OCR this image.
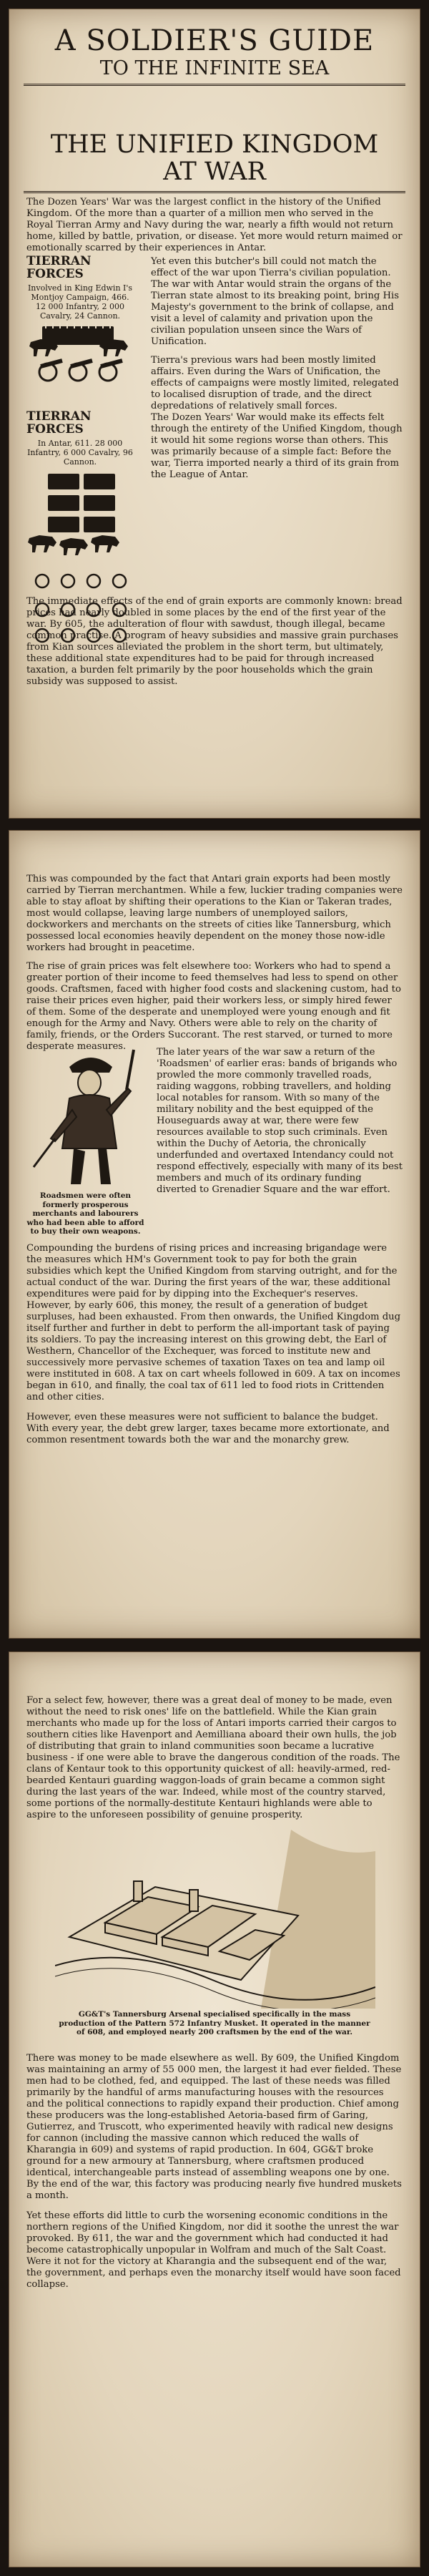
A SOLDIER'S GUIDE
TO THE INFINITE SEA
THE UNIFIED KINGDOM
AT WAR

The Dozen Years' War was the largest conflict in the history of the Unified Kingdom. Of the more than a quarter of a million men who served in the Royal Tierran Army and Navy during the war, nearly a fifth would not return home, killed by battle, privation, or disease. Yet more would return maimed or emotionally scarred by their experiences in Antar.

TIERRAN FORCES

Involved in King Edwin I's Montjoy Campaign, 466. 12 000 Infantry, 2 000 Cavalry, 24 Cannon.

TIERRAN FORCES

In Antar, 611. 28 000 Infantry, 6 000 Cavalry, 96 Cannon.

Yet even this butcher's bill could not match the effect of the war upon Tierra's civilian population. The war with Antar would strain the organs of the Tierran state almost to its breaking point, bring His Majesty's government to the brink of collapse, and visit a level of calamity and privation upon the civilian population unseen since the Wars of Unification.

Tierra's previous wars had been mostly limited affairs. Even during the Wars of Unification, the effects of campaigns were mostly limited, relegated to localised disruption of trade, and the direct depredations of relatively small forces.

The Dozen Years' War would make its effects felt through the entirety of the Unified Kingdom, though it would hit some regions worse than others. This was primarily because of a simple fact: Before the war, Tierra imported nearly a third of its grain from the League of Antar.

The immediate effects of the end of grain exports are commonly known: bread prices had nearly doubled in some places by the end of the first year of the war. By 605, the adulteration of flour with sawdust, though illegal, became common practise. A program of heavy subsidies and massive grain purchases from Kian sources alleviated the problem in the short term, but ultimately, these additional state expenditures had to be paid for through increased taxation, a burden felt primarily by the poor households which the grain subsidy was supposed to assist.

This was compounded by the fact that Antari grain exports had been mostly carried by Tierran merchantmen. While a few, luckier trading companies were able to stay afloat by shifting their operations to the Kian or Takeran trades, most would collapse, leaving large numbers of unemployed sailors, dockworkers and merchants on the streets of cities like Tannersburg, which possessed local economies heavily dependent on the money those now-idle workers had brought in peacetime.

The rise of grain prices was felt elsewhere too: Workers who had to spend a greater portion of their income to feed themselves had less to spend on other goods. Craftsmen, faced with higher food costs and slackening custom, had to raise their prices even higher, paid their workers less, or simply hired fewer of them. Some of the desperate and unemployed were young enough and fit enough for the Army and Navy. Others were able to rely on the charity of family, friends, or the Orders Succorant. The rest starved, or turned to more desperate measures.

Roadsmen were often formerly prosperous merchants and labourers who had been able to afford to buy their own weapons.

The later years of the war saw a return of the 'Roadsmen' of earlier eras: bands of brigands who prowled the more commonly travelled roads, raiding waggons, robbing travellers, and holding local notables for ransom. With so many of the military nobility and the best equipped of the Houseguards away at war, there were few resources available to stop such criminals. Even within the Duchy of Aetoria, the chronically underfunded and overtaxed Intendancy could not respond effectively, especially with many of its best members and much of its ordinary funding diverted to Grenadier Square and the war effort.

Compounding the burdens of rising prices and increasing brigandage were the measures which HM's Government took to pay for both the grain subsidies which kept the Unified Kingdom from starving outright, and for the actual conduct of the war. During the first years of the war, these additional expenditures were paid for by dipping into the Exchequer's reserves. However, by early 606, this money, the result of a generation of budget surpluses, had been exhausted. From then onwards, the Unified Kingdom dug itself further and further in debt to perform the all-important task of paying its soldiers. To pay the increasing interest on this growing debt, the Earl of Westhern, Chancellor of the Exchequer, was forced to institute new and successively more pervasive schemes of taxation Taxes on tea and lamp oil were instituted in 608. A tax on cart wheels followed in 609. A tax on incomes began in 610, and finally, the coal tax of 611 led to food riots in Crittenden and other cities.

However, even these measures were not sufficient to balance the budget. With every year, the debt grew larger, taxes became more extortionate, and common resentment towards both the war and the monarchy grew.

For a select few, however, there was a great deal of money to be made, even without the need to risk ones' life on the battlefield. While the Kian grain merchants who made up for the loss of Antari imports carried their cargos to southern cities like Havenport and Aemilliana aboard their own hulls, the job of distributing that grain to inland communities soon became a lucrative business - if one were able to brave the dangerous condition of the roads. The clans of Kentaur took to this opportunity quickest of all: heavily-armed, red-bearded Kentauri guarding waggon-loads of grain became a common sight during the last years of the war. Indeed, while most of the country starved, some portions of the normally-destitute Kentauri highlands were able to aspire to the unforeseen possibility of genuine prosperity.

GG&T's Tannersburg Arsenal specialised specifically in the mass production of the Pattern 572 Infantry Musket. It operated in the manner of 608, and employed nearly 200 craftsmen by the end of the war.

There was money to be made elsewhere as well. By 609, the Unified Kingdom was maintaining an army of 55 000 men, the largest it had ever fielded. These men had to be clothed, fed, and equipped. The last of these needs was filled primarily by the handful of arms manufacturing houses with the resources and the political connections to rapidly expand their production. Chief among these producers was the long-established Aetoria-based firm of Garing, Gutierrez, and Truscott, who experimented heavily with radical new designs for cannon (including the massive cannon which reduced the walls of Kharangia in 609) and systems of rapid production. In 604, GG&T broke ground for a new armoury at Tannersburg, where craftsmen produced identical, interchangeable parts instead of assembling weapons one by one. By the end of the war, this factory was producing nearly five hundred muskets a month.

Yet these efforts did little to curb the worsening economic conditions in the northern regions of the Unified Kingdom, nor did it soothe the unrest the war provoked. By 611, the war and the government which had conducted it had become catastrophically unpopular in Wolfram and much of the Salt Coast. Were it not for the victory at Kharangia and the subsequent end of the war, the government, and perhaps even the monarchy itself would have soon faced collapse.
